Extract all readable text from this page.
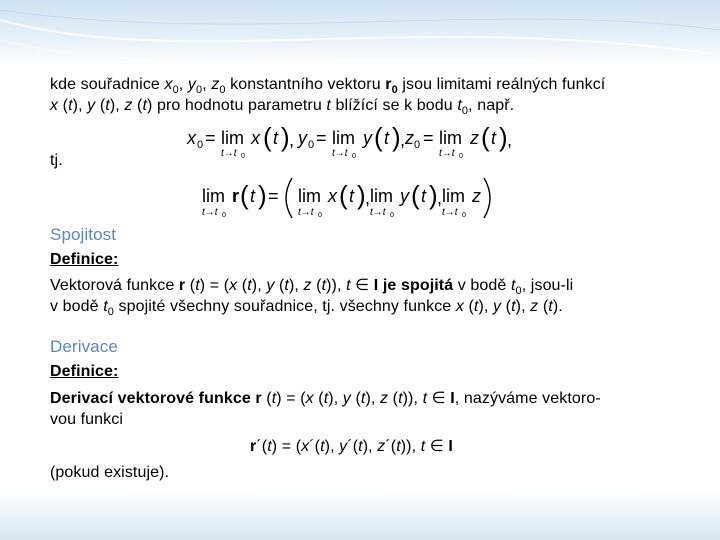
kde souřadnice $x_0$, $y_0$, $z_0$ konstantního vektoru $r_0$ jsou limitami reálných funkcí
x (t), y (t), z (t) pro hodnotu parametru t blížící se k bodu $t_0$, např.
x 0 = lim
t→t 0
x ( t ) , y 0 = lim
t→t 0
y ( t ) , z 0 = lim
t→t 0
z ( t ) ,
tj.
lim
t→t 0
r ( t ) = lim
t→t 0
x ( t ) , lim
t→t 0
y ( t ) , lim
t→t 0
z
Spojitost
Definice:
Vektorová funkce r (t) = (x (t), y (t), z (t)), t ∈ I je spojitá v bodě $t_0$, jsou-li
v bodě $t_0$ spojité všechny souřadnice, tj. všechny funkce x (t), y (t), z (t).
Derivace
Definice:
Derivací vektorové funkce r (t) = (x (t), y (t), z (t)), t ∈ I, nazýváme vektoro-
vou funkci
r´(t) = (x´(t), y´(t), z´(t)), t ∈ I
(pokud existuje).
